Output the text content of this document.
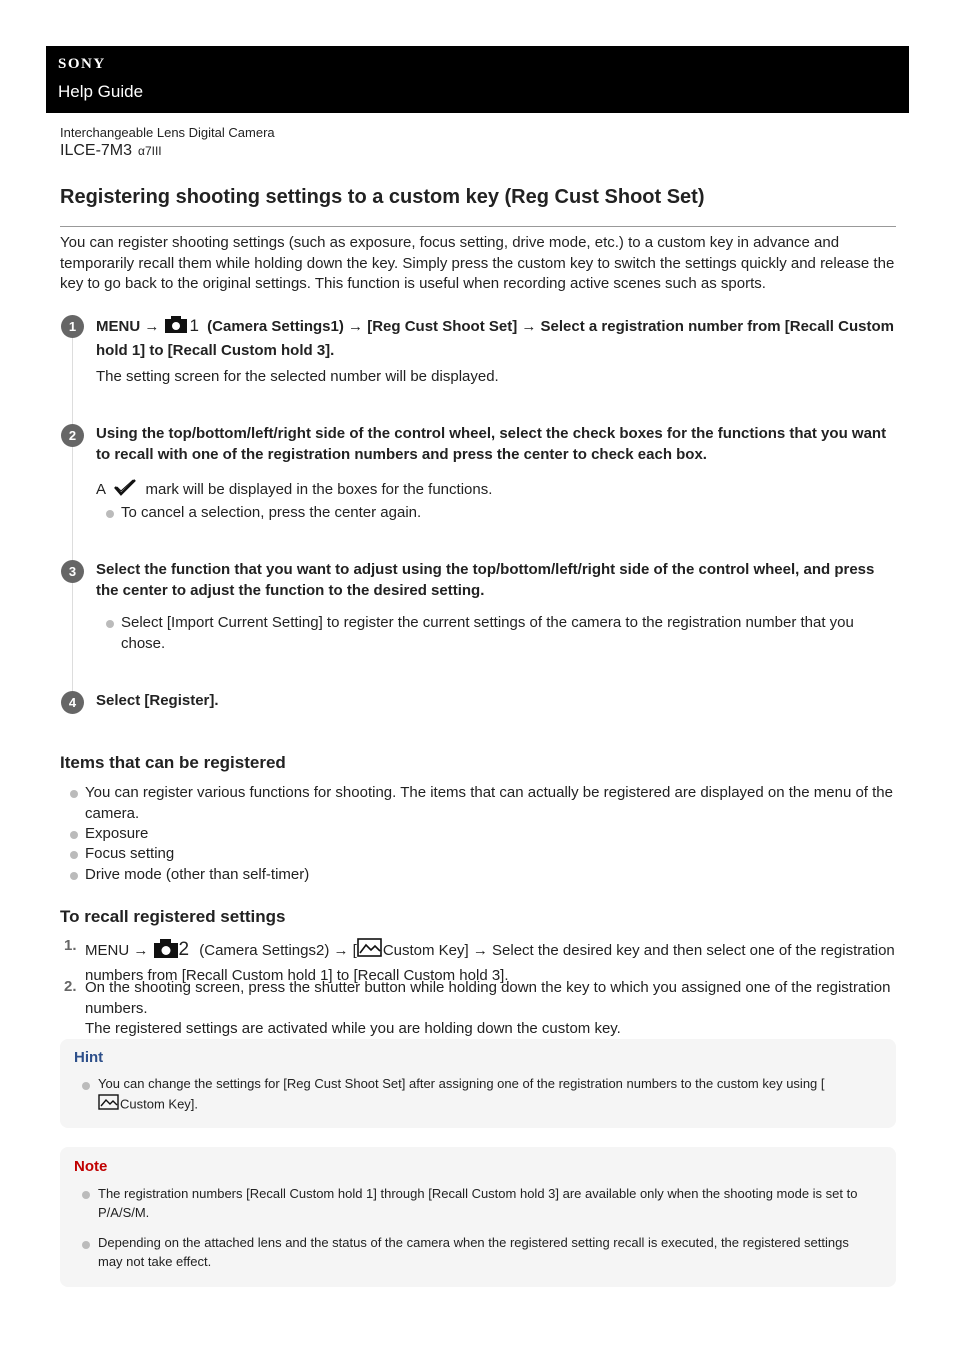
SONY
Help Guide
Interchangeable Lens Digital Camera
ILCE-7M3 α7III
Registering shooting settings to a custom key (Reg Cust Shoot Set)
You can register shooting settings (such as exposure, focus setting, drive mode, etc.) to a custom key in advance and temporarily recall them while holding down the key. Simply press the custom key to switch the settings quickly and release the key to go back to the original settings. This function is useful when recording active scenes such as sports.
1	MENU → 1 (Camera Settings1) → [Reg Cust Shoot Set] → Select a registration number from [Recall Custom hold 1] to [Recall Custom hold 3].
The setting screen for the selected number will be displayed.
2	Using the top/bottom/left/right side of the control wheel, select the check boxes for the functions that you want to recall with one of the registration numbers and press the center to check each box.
A	mark will be displayed in the boxes for the functions.
To cancel a selection, press the center again.
3	Select the function that you want to adjust using the top/bottom/left/right side of the control wheel, and press the center to adjust the function to the desired setting.
Select [Import Current Setting] to register the current settings of the camera to the registration number that you chose.
4	Select [Register].
Items that can be registered
You can register various functions for shooting. The items that can actually be registered are displayed on the menu of the camera.
Exposure
Focus setting
Drive mode (other than self-timer)
To recall registered settings
1. MENU → 2 (Camera Settings2) → [ Custom Key] → Select the desired key and then select one of the registration numbers from [Recall Custom hold 1] to [Recall Custom hold 3].
2. On the shooting screen, press the shutter button while holding down the key to which you assigned one of the registration numbers.
The registered settings are activated while you are holding down the custom key.
Hint
You can change the settings for [Reg Cust Shoot Set] after assigning one of the registration numbers to the custom key using [
Custom Key].
Note
The registration numbers [Recall Custom hold 1] through [Recall Custom hold 3] are available only when the shooting mode is set to P/A/S/M.
Depending on the attached lens and the status of the camera when the registered setting recall is executed, the registered settings may not take effect.
